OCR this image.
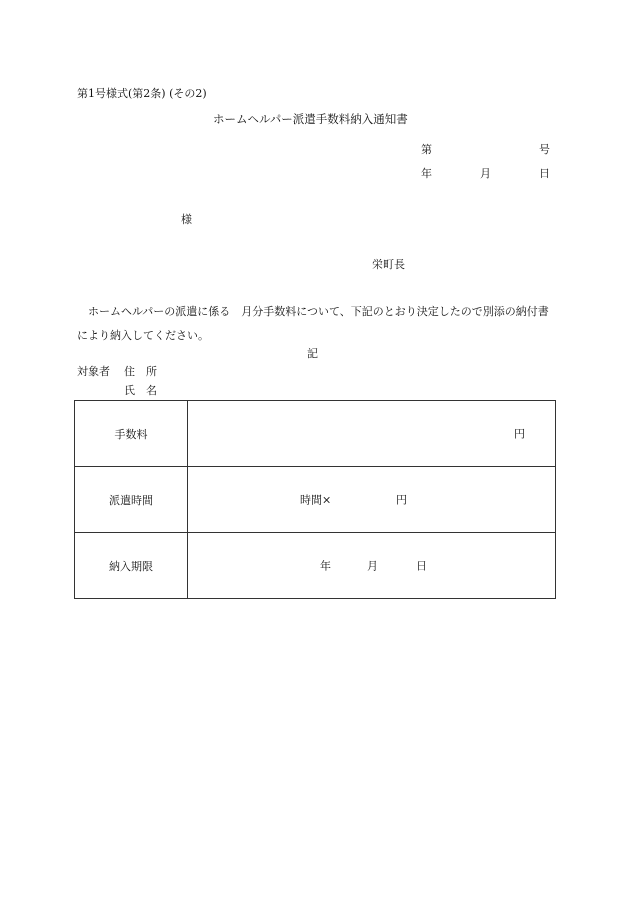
第1号様式(第2条) (その2)
ホームヘルパー派遣手数料納入通知書
第	号
年	月	日
様
栄町長
ホームヘルパーの派遣に係る　月分手数料について、下記のとおり決定したので別添の納付書により納入してください。
記
対象者 住　所
氏　名
手数料	円

派遣時間	時間× 円

納入期限	年 月 日
